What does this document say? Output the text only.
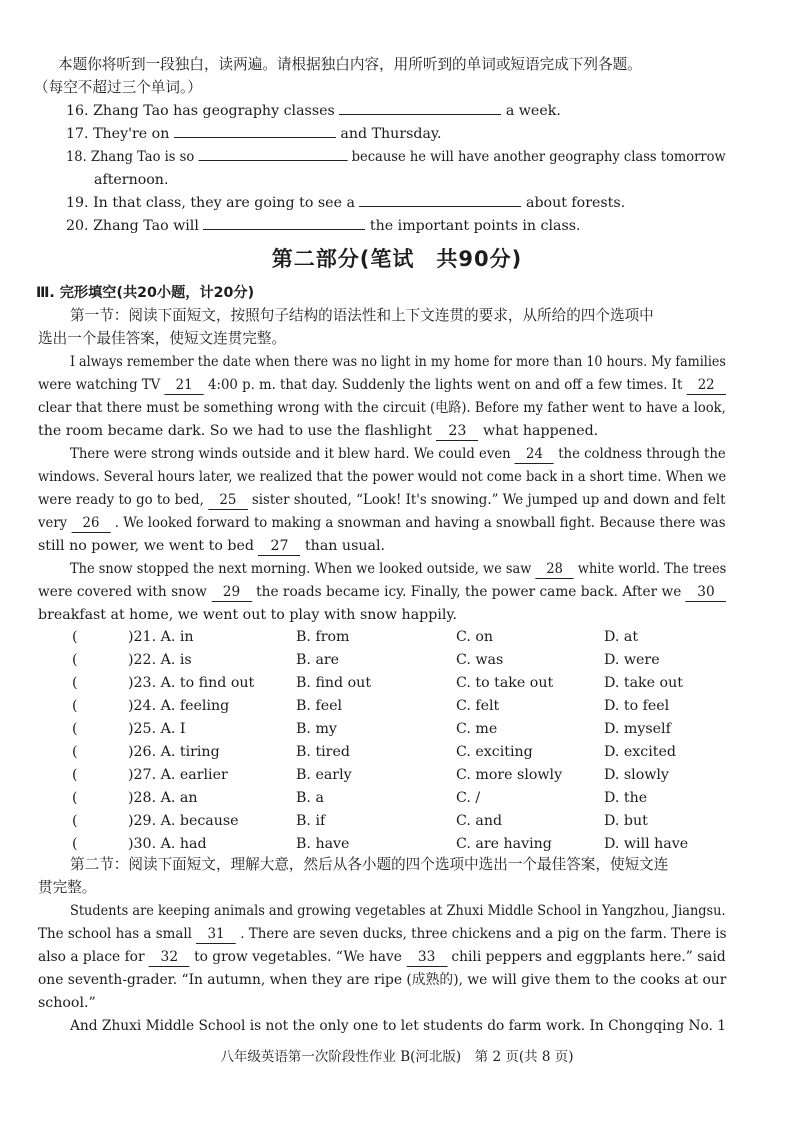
本题你将听到一段独白，读两遍。请根据独白内容，用所听到的单词或短语完成下列各题。
（每空不超过三个单词。）
16. Zhang Tao has geography classes	a week.
17. They're on	and Thursday.
18. Zhang Tao is so	because he will have another geography class tomorrow
afternoon.
19. In that class, they are going to see a	about forests.
20. Zhang Tao will	the important points in class.
第二部分(笔试　共90分)
Ⅲ. 完形填空(共20小题，计20分)
第一节：阅读下面短文，按照句子结构的语法性和上下文连贯的要求，从所给的四个选项中
选出一个最佳答案，使短文连贯完整。
I always remember the date when there was no light in my home for more than 10 hours. My families
were watching TV 21 4:00 p. m. that day. Suddenly the lights went on and off a few times. It 22
clear that there must be something wrong with the circuit (电路). Before my father went to have a look,
the room became dark. So we had to use the flashlight 23 what happened.
There were strong winds outside and it blew hard. We could even 24 the coldness through the
windows. Several hours later, we realized that the power would not come back in a short time. When we
were ready to go to bed, 25 sister shouted, “Look! It's snowing.” We jumped up and down and felt
very 26 . We looked forward to making a snowman and having a snowball fight. Because there was
still no power, we went to bed 27 than usual.
The snow stopped the next morning. When we looked outside, we saw 28 white world. The trees
were covered with snow 29 the roads became icy. Finally, the power came back. After we 30
breakfast at home, we went out to play with snow happily.
(	)21. A. in	B. from	C. on	D. at
(	)22. A. is	B. are	C. was	D. were
(	)23. A. to find out	B. find out	C. to take out	D. take out
(	)24. A. feeling	B. feel	C. felt	D. to feel
(	)25. A. I	B. my	C. me	D. myself
(	)26. A. tiring	B. tired	C. exciting	D. excited
(	)27. A. earlier	B. early	C. more slowly	D. slowly
(	)28. A. an	B. a	C. /	D. the
(	)29. A. because	B. if	C. and	D. but
(	)30. A. had	B. have	C. are having	D. will have
第二节：阅读下面短文，理解大意，然后从各小题的四个选项中选出一个最佳答案，使短文连
贯完整。
Students are keeping animals and growing vegetables at Zhuxi Middle School in Yangzhou, Jiangsu.
The school has a small 31 . There are seven ducks, three chickens and a pig on the farm. There is
also a place for 32 to grow vegetables. “We have 33 chili peppers and eggplants here.” said
one seventh-grader. “In autumn, when they are ripe (成熟的), we will give them to the cooks at our
school.”
And Zhuxi Middle School is not the only one to let students do farm work. In Chongqing No. 1
八年级英语第一次阶段性作业 B(河北版)　第 2 页(共 8 页)
